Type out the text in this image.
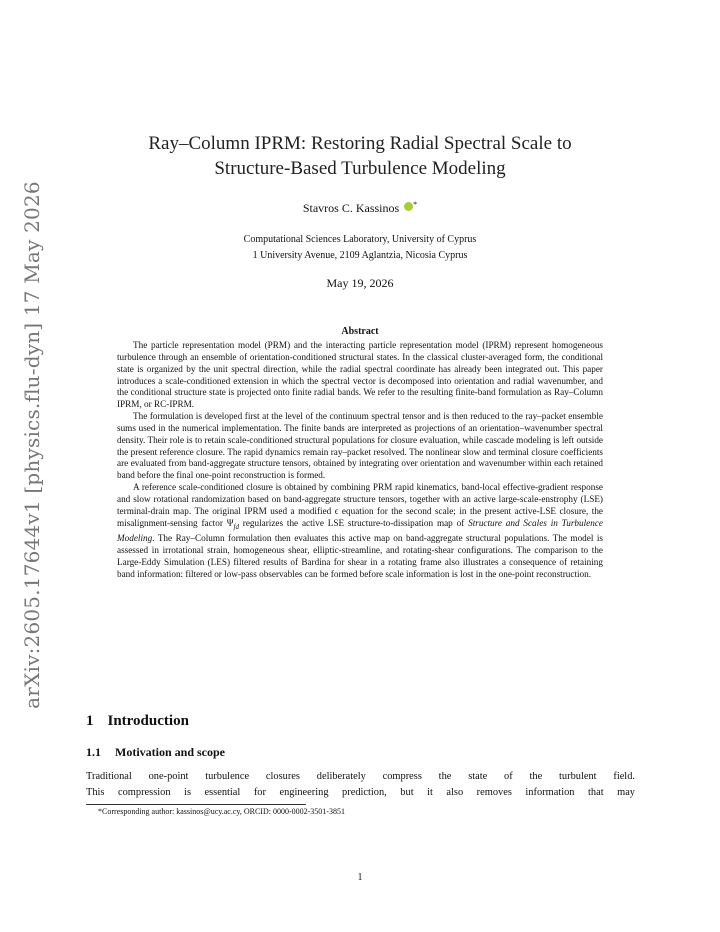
arXiv:2605.17644v1 [physics.flu-dyn] 17 May 2026
Ray–Column IPRM: Restoring Radial Spectral Scale to
Structure-Based Turbulence Modeling
Stavros C. Kassinos *
Computational Sciences Laboratory, University of Cyprus
1 University Avenue, 2109 Aglantzia, Nicosia Cyprus
May 19, 2026
Abstract

The particle representation model (PRM) and the interacting particle representation model (IPRM) represent homogeneous turbulence through an ensemble of orientation-conditioned structural states. In the classical cluster-averaged form, the conditional state is organized by the unit spectral direction, while the radial spectral coordinate has already been integrated out. This paper introduces a scale-conditioned extension in which the spectral vector is decomposed into orientation and radial wavenumber, and the conditional structure state is projected onto finite radial bands. We refer to the resulting finite-band formulation as Ray–Column IPRM, or RC-IPRM.

The formulation is developed first at the level of the continuum spectral tensor and is then reduced to the ray–packet ensemble sums used in the numerical implementation. The finite bands are interpreted as projections of an orientation–wavenumber spectral density. Their role is to retain scale-conditioned structural populations for closure evaluation, while cascade modeling is left outside the present reference closure. The rapid dynamics remain ray–packet resolved. The nonlinear slow and terminal closure coefficients are evaluated from band-aggregate structure tensors, obtained by integrating over orientation and wavenumber within each retained band before the final one-point reconstruction is formed.

A reference scale-conditioned closure is obtained by combining PRM rapid kinematics, band-local effective-gradient response and slow rotational randomization based on band-aggregate structure tensors, together with an active large-scale-enstrophy (LSE) terminal-drain map. The original IPRM used a modified ϵ equation for the second scale; in the present active-LSE closure, the misalignment-sensing factor $\Psi_{fd}$ regularizes the active LSE structure-to-dissipation map of Structure and Scales in Turbulence Modeling. The Ray–Column formulation then evaluates this active map on band-aggregate structural populations. The model is assessed in irrotational strain, homogeneous shear, elliptic-streamline, and rotating-shear configurations. The comparison to the Large-Eddy Simulation (LES) filtered results of Bardina for shear in a rotating frame also illustrates a consequence of retaining band information: filtered or low-pass observables can be formed before scale information is lost in the one-point reconstruction.

1 Introduction
1.1 Motivation and scope
Traditional one-point turbulence closures deliberately compress the state of the turbulent field.
This compression is essential for engineering prediction, but it also removes information that may
*Corresponding author: kassinos@ucy.ac.cy, ORCID: 0000-0002-3501-3851
1
